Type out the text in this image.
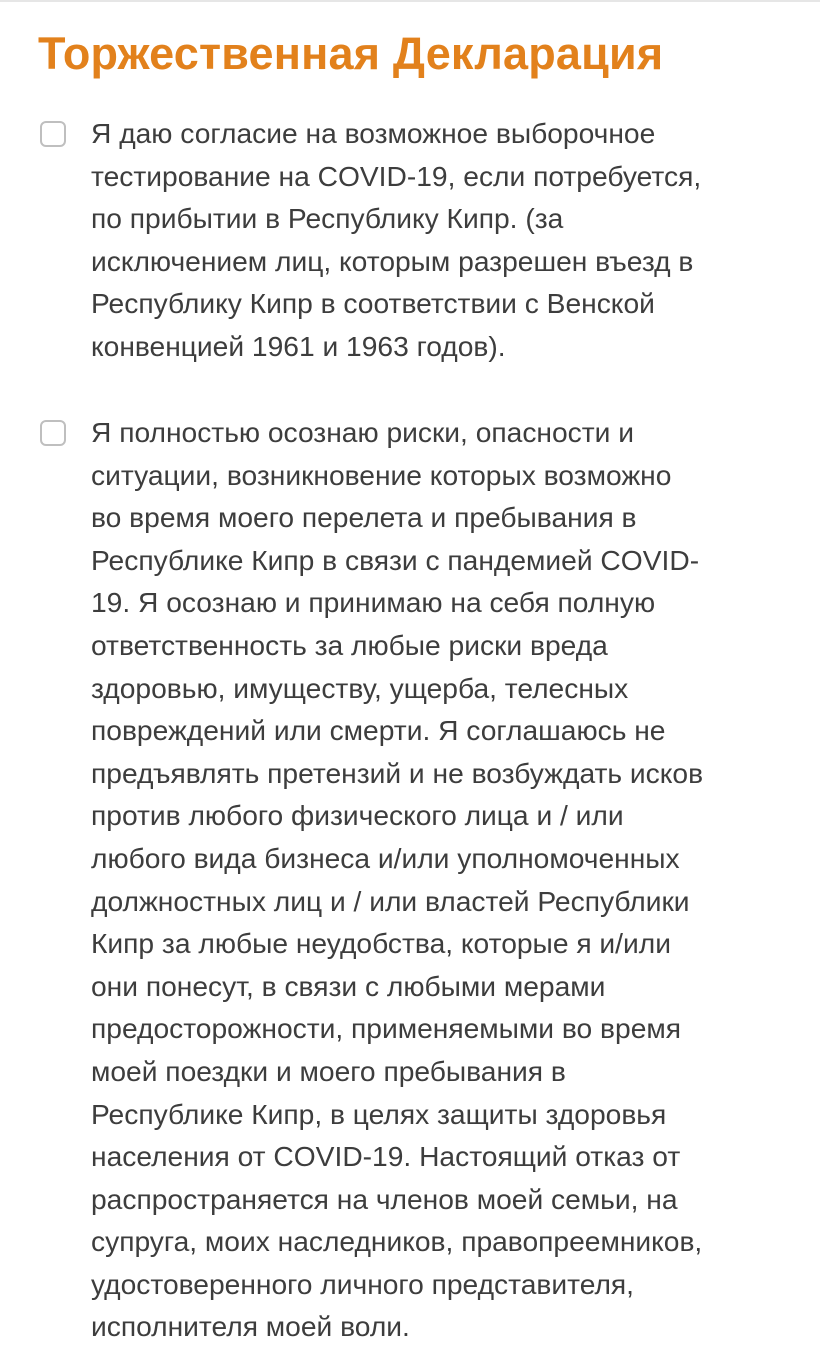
Торжественная Декларация

Я даю согласие на возможное выборочное
тестирование на COVID-19, если потребуется,
по прибытии в Республику Кипр. (за
исключением лиц, которым разрешен въезд в
Республику Кипр в соответствии с Венской
конвенцией 1961 и 1963 годов).

Я полностью осознаю риски, опасности и
ситуации, возникновение которых возможно
во время моего перелета и пребывания в
Республике Кипр в связи с пандемией COVID-
19. Я осознаю и принимаю на себя полную
ответственность за любые риски вреда
здоровью, имуществу, ущерба, телесных
повреждений или смерти. Я соглашаюсь не
предъявлять претензий и не возбуждать исков
против любого физического лица и / или
любого вида бизнеса и/или уполномоченных
должностных лиц и / или властей Республики
Кипр за любые неудобства, которые я и/или
они понесут, в связи с любыми мерами
предосторожности, применяемыми во время
моей поездки и моего пребывания в
Республике Кипр, в целях защиты здоровья
населения от COVID-19. Настоящий отказ от
распространяется на членов моей семьи, на
супруга, моих наследников, правопреемников,
удостоверенного личного представителя,
исполнителя моей воли.
